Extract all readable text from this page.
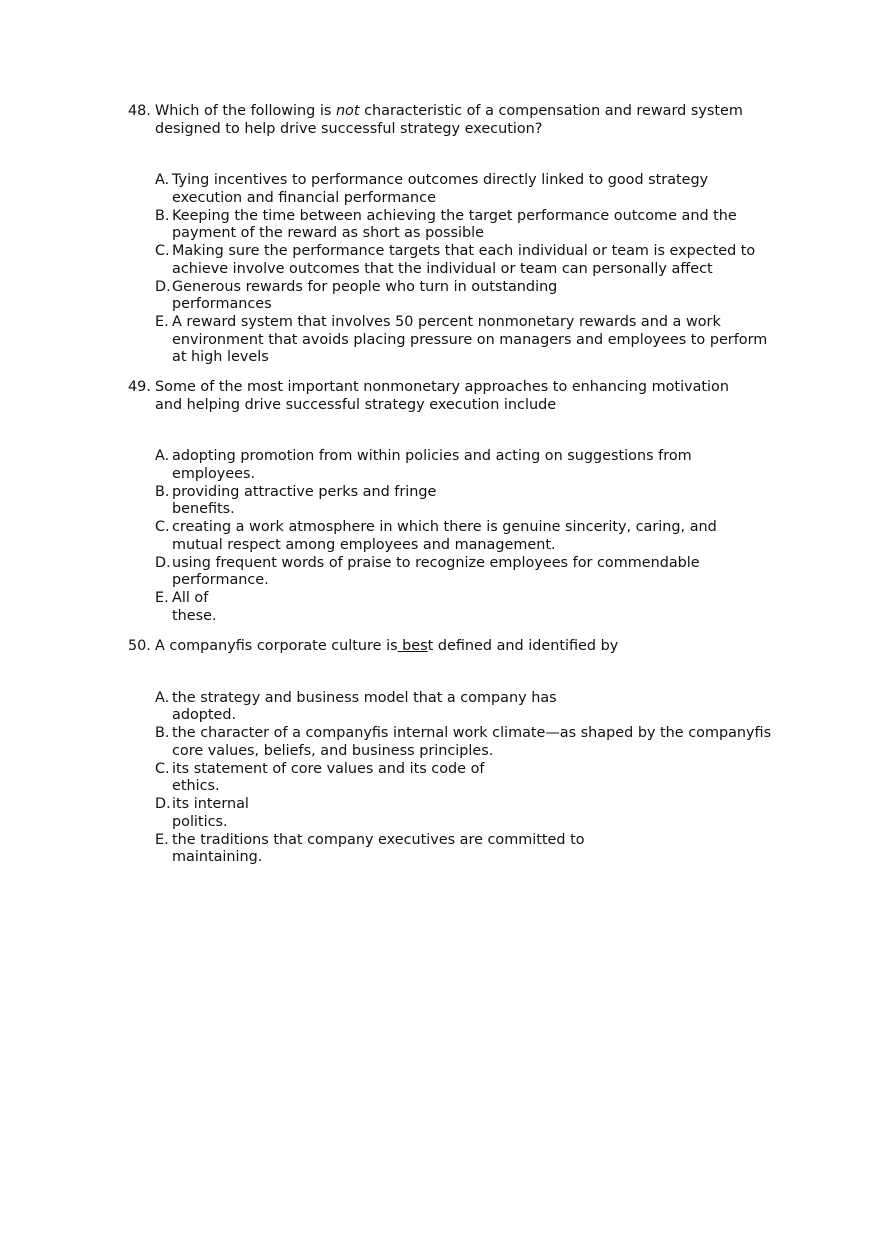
48. Which of the following is not characteristic of a compensation and reward system designed to help drive successful strategy execution?
A. Tying incentives to performance outcomes directly linked to good strategy execution and financial performance
B. Keeping the time between achieving the target performance outcome and the payment of the reward as short as possible
C. Making sure the performance targets that each individual or team is expected to achieve involve outcomes that the individual or team can personally affect
D. Generous rewards for people who turn in outstanding performances
E. A reward system that involves 50 percent nonmonetary rewards and a work environment that avoids placing pressure on managers and employees to perform at high levels
49. Some of the most important nonmonetary approaches to enhancing motivation and helping drive successful strategy execution include
A. adopting promotion from within policies and acting on suggestions from employees.
B. providing attractive perks and fringe benefits.
C. creating a work atmosphere in which there is genuine sincerity, caring, and mutual respect among employees and management.
D. using frequent words of praise to recognize employees for commendable performance.
E. All of these.
50. A companyfis corporate culture is best defined and identified by
A. the strategy and business model that a company has adopted.
B. the character of a companyfis internal work climate—as shaped by the companyfis core values, beliefs, and business principles.
C. its statement of core values and its code of ethics.
D. its internal politics.
E. the traditions that company executives are committed to maintaining.
